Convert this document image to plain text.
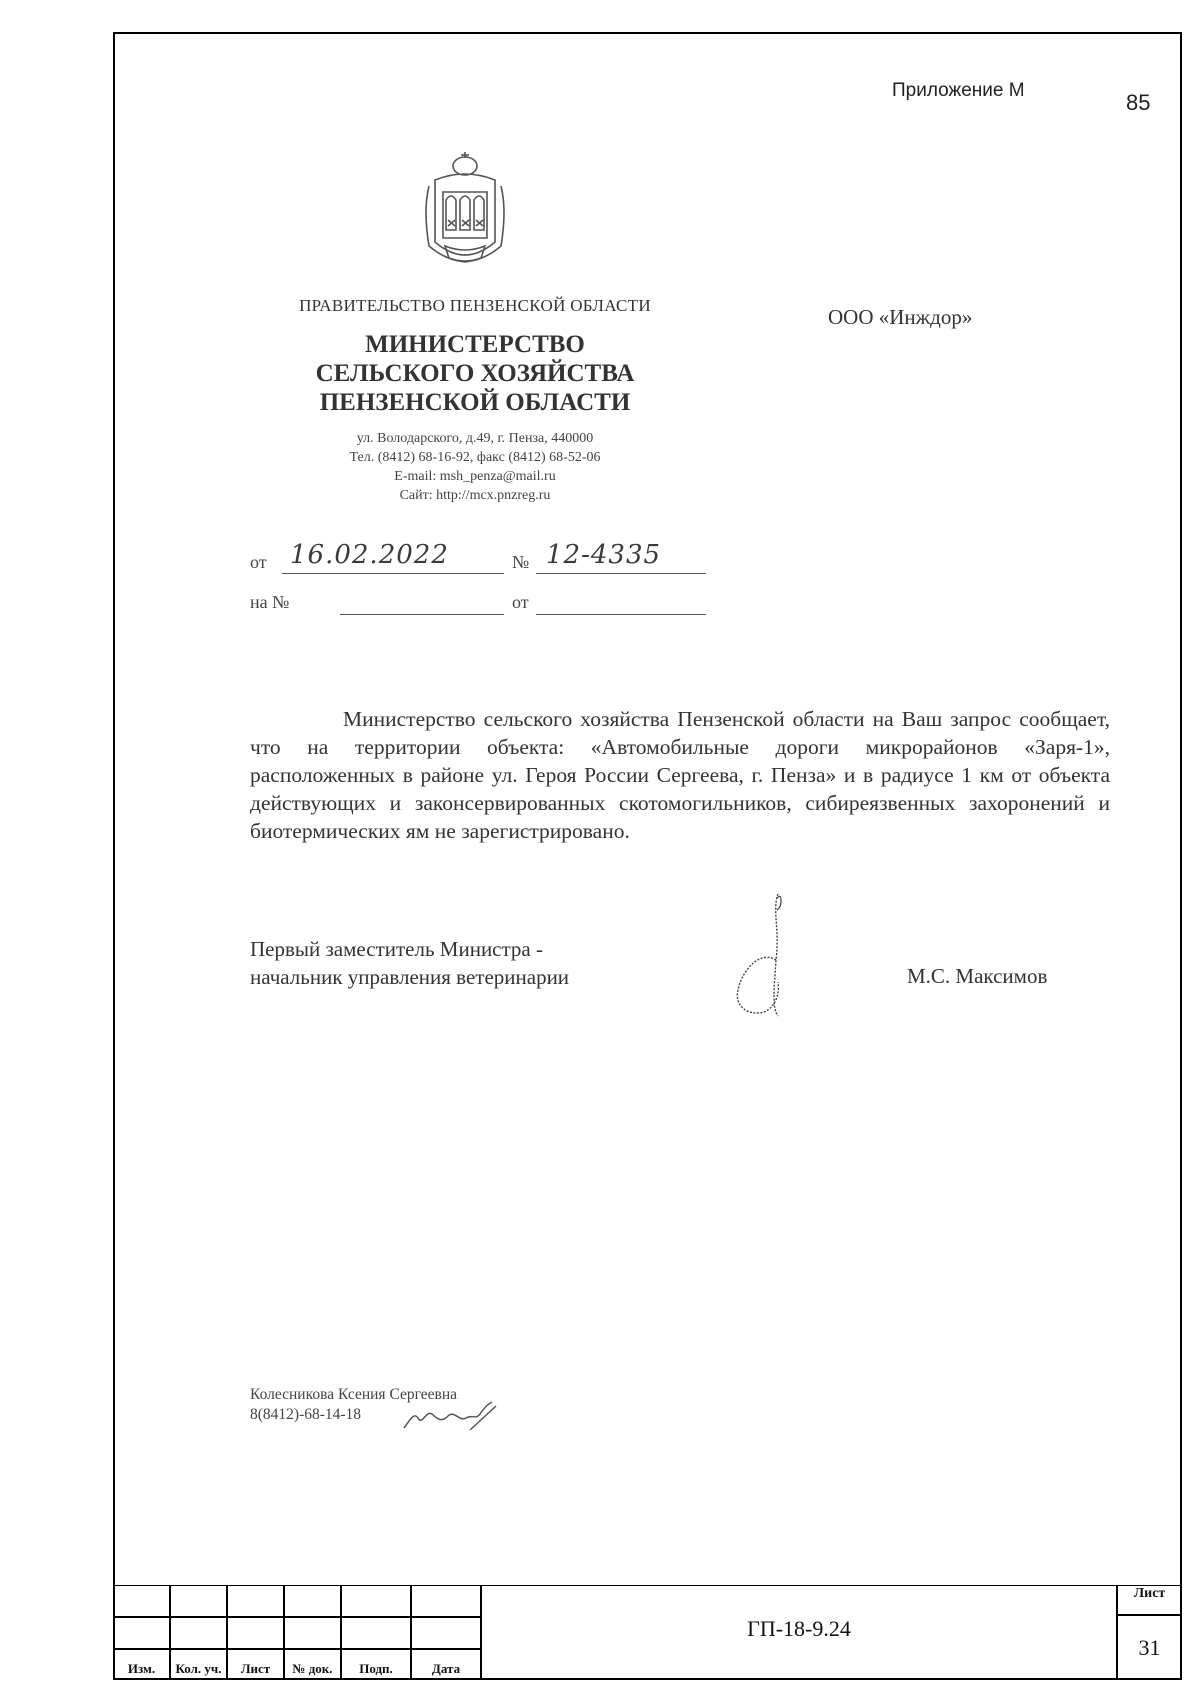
Приложение М	85
ПРАВИТЕЛЬСТВО ПЕНЗЕНСКОЙ ОБЛАСТИ
МИНИСТЕРСТВО
СЕЛЬСКОГО ХОЗЯЙСТВА
ПЕНЗЕНСКОЙ ОБЛАСТИ
ул. Володарского, д.49, г. Пенза, 440000
Тел. (8412) 68-16-92, факс (8412) 68-52-06
E-mail: msh_penza@mail.ru
Сайт: http://mcx.pnzreg.ru
ООО «Инждор»
от 16.02.2022	№ 12-4335
на №	от

Министерство сельского хозяйства Пензенской области на Ваш запрос сообщает, что на территории объекта: «Автомобильные дороги микрорайонов «Заря-1», расположенных в районе ул. Героя России Сергеева, г. Пенза» и в радиусе 1 км от объекта действующих и законсервированных скотомогильников, сибиреязвенных захоронений и биотермических ям не зарегистрировано.

Первый заместитель Министра -
начальник управления ветеринарии	М.С. Максимов
Колесникова Ксения Сергеевна
8(8412)-68-14-18
Изм.	Кол. уч.	Лист	№ док.	Подп.	Дата
ГП-18-9.24
Лист
31
